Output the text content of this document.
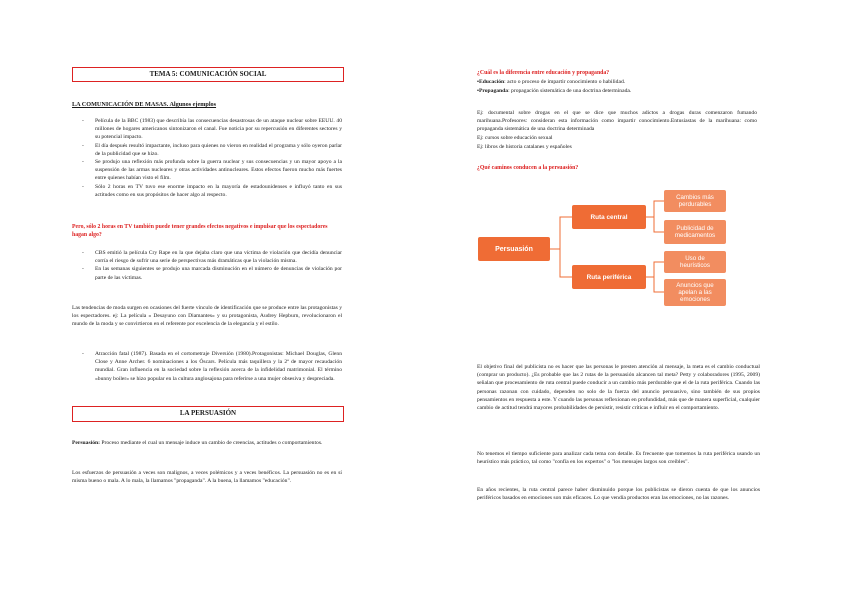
TEMA 5: COMUNICACIÓN SOCIAL
LA COMUNICACIÓN DE MASAS. Algunos ejemplos
- Película de la BBC (1983) que describía las consecuencias desastrosas de un ataque nuclear sobre EEUU. 40 millones de hogares americanos sintonizaron el canal. Fue noticia por su repercusión en diferentes sectores y su potencial impacto.
- El día después resultó impactante, incluso para quienes no vieron en realidad el programa y sólo oyeron parlar de la publicidad que se hizo.
- Se produjo una reflexión más profunda sobre la guerra nuclear y sus consecuencias y un mayor apoyo a la suspensión de las armas nucleares y otras actividades antinucleares. Estos efectos fueron mucho más fuertes entre quienes habían visto el film.
- Sólo 2 horas en TV tuvo ese enorme impacto en la mayoría de estadounidenses e influyó tanto en sus actitudes como en sus propósitos de hacer algo al respecto.
Pero, sólo 2 horas en TV también puede tener grandes efectos negativos e impulsar que los espectadores hagan algo?
- CBS emitió la película Cry Rape en la que dejaba claro que una víctima de violación que decidía denunciar corría el riesgo de sufrir una serie de perspectivas más dramáticas que la violación misma.
- En las semanas siguientes se produjo una marcada disminución en el número de denuncias de violación por parte de las víctimas.

Las tendencias de moda surgen en ocasiones del fuerte vínculo de identificación que se produce entre las protagonistas y los espectadores. ej: La película « Desayuno con Diamantes» y su protagonista, Audrey Hepburn, revolucionaron el mundo de la moda y se convirtieron en el referente por excelencia de la elegancia y el estilo.

- Atracción fatal (1987). Basada en el cortometraje Diversión (1980).Protagonistas: Michael Douglas, Glenn Close y Anne Archer. 6 nominaciones a los Óscars. Película más taquillera y la 2ª de mayor recaudación mundial. Gran influencia en la sociedad sobre la reflexión acerca de la infidelidad matrimonial. El término «bunny boiler» se hizo popular en la cultura anglosajona para referirse a una mujer obsesiva y despreciada.
LA PERSUASIÓN

Persuasión: Proceso mediante el cual un mensaje induce un cambio de creencias, actitudes o comportamientos.

Los esfuerzos de persuasión a veces son malignos, a veces polémicos y a veces benéficos. La persuasión no es en sí misma bueno o mala. A lo mala, la llamamos "propaganda". A la buena, la llamamos "educación".

¿Cuál es la diferencia entre educación y propaganda?

•Educación: acto o proceso de impartir conocimiento o habilidad.

•Propaganda: propagación sistemática de una doctrina determinada.

Ej: documental sobre drogas en el que se dice que muchos adictos a drogas duras comenzaron fumando marihuana.Profesores: consideran esta información como impartir conocimiento.Entusiastas de la marihuana: como propaganda sistemática de una doctrina determinada

Ej: cursos sobre educación sexual

Ej: libros de historia catalanes y españoles

¿Qué caminos conducen a la persuasión?
Persuasión
Ruta central
Ruta periférica
Cambios más
perdurables
Publicidad de
medicamentos
Uso de
heurísticos
Anuncios que
apelan a las
emociones

El objetivo final del publicista no es hacer que las personas le presten atención al mensaje, la meta es el cambio conductual (comprar un producto). ¿Es probable que las 2 rutas de la persuasión alcancen tal meta? Petty y colaboradores (1995, 2009) señalan que procesamiento de ruta central puede conducir a un cambio más perdurable que el de la ruta periférica. Cuando las personas razonan con cuidado, dependen no solo de la fuerza del anuncio persuasivo, sino también de sus propios pensamientos en respuesta a este. Y cuando las personas reflexionan en profundidad, más que de manera superficial, cualquier cambio de actitud tendrá mayores probabilidades de persistir, resistir críticas e influir en el comportamiento.

No tenemos el tiempo suficiente para analizar cada tema con detalle. Es frecuente que tomemos la ruta periférica usando un heurístico más práctico, tal como "confía en los expertos" o "los mensajes largos son creíbles".

En años recientes, la ruta central parece haber disminuido porque los publicistas se dieron cuenta de que los anuncios periféricos basados en emociones son más eficaces. Lo que vendía productos eran las emociones, no las razones.
